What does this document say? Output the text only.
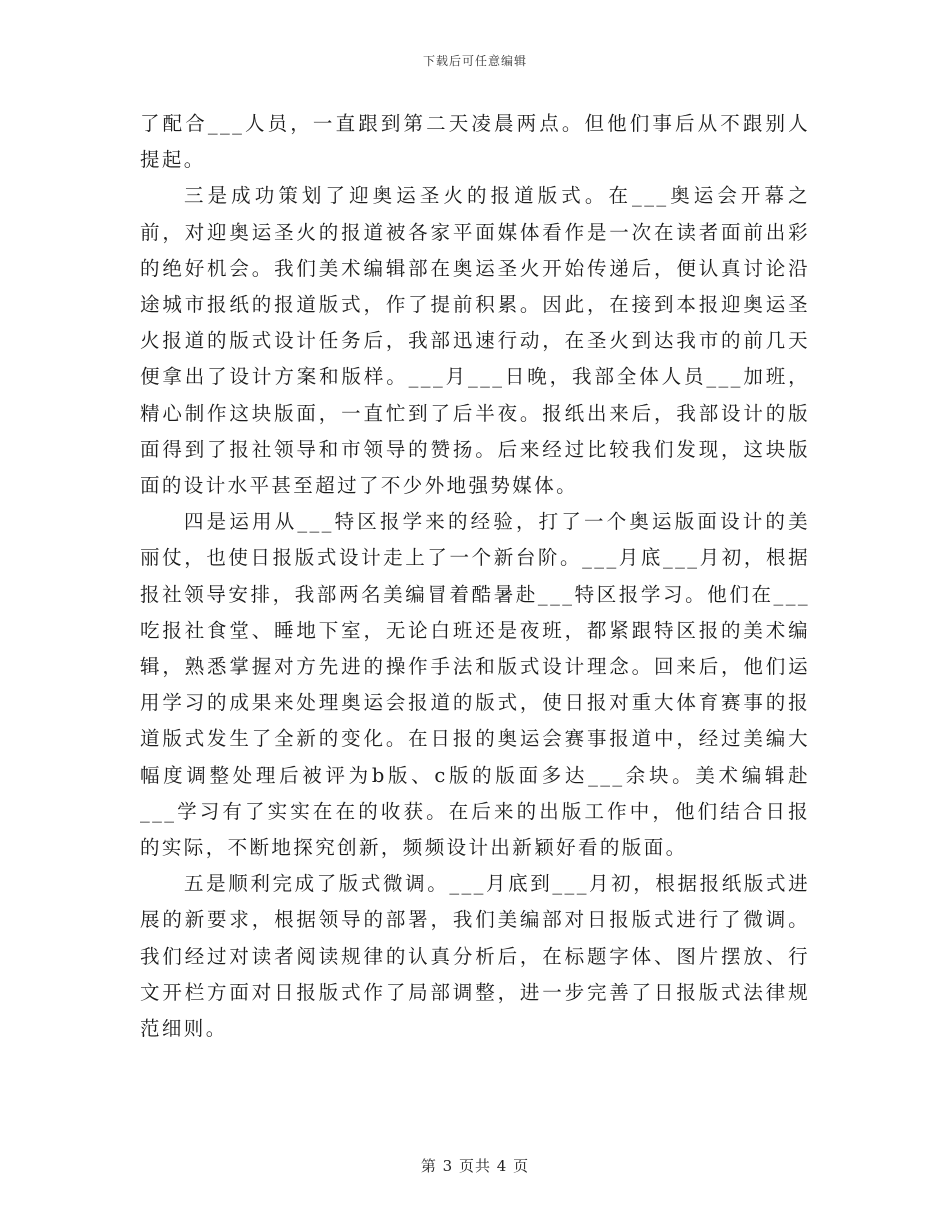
下载后可任意编辑

了配合___人员，一直跟到第二天凌晨两点。但他们事后从不跟别人提起。

三是成功策划了迎奥运圣火的报道版式。在___奥运会开幕之前，对迎奥运圣火的报道被各家平面媒体看作是一次在读者面前出彩的绝好机会。我们美术编辑部在奥运圣火开始传递后，便认真讨论沿途城市报纸的报道版式，作了提前积累。因此，在接到本报迎奥运圣火报道的版式设计任务后，我部迅速行动，在圣火到达我市的前几天便拿出了设计方案和版样。___月___日晚，我部全体人员___加班，精心制作这块版面，一直忙到了后半夜。报纸出来后，我部设计的版面得到了报社领导和市领导的赞扬。后来经过比较我们发现，这块版面的设计水平甚至超过了不少外地强势媒体。

四是运用从___特区报学来的经验，打了一个奥运版面设计的美丽仗，也使日报版式设计走上了一个新台阶。___月底___月初，根据报社领导安排，我部两名美编冒着酷暑赴___特区报学习。他们在___吃报社食堂、睡地下室，无论白班还是夜班，都紧跟特区报的美术编辑，熟悉掌握对方先进的操作手法和版式设计理念。回来后，他们运用学习的成果来处理奥运会报道的版式，使日报对重大体育赛事的报道版式发生了全新的变化。在日报的奥运会赛事报道中，经过美编大幅度调整处理后被评为b版、c版的版面多达___余块。美术编辑赴___学习有了实实在在的收获。在后来的出版工作中，他们结合日报的实际，不断地探究创新，频频设计出新颖好看的版面。

五是顺利完成了版式微调。___月底到___月初，根据报纸版式进展的新要求，根据领导的部署，我们美编部对日报版式进行了微调。我们经过对读者阅读规律的认真分析后，在标题字体、图片摆放、行文开栏方面对日报版式作了局部调整，进一步完善了日报版式法律规范细则。

第 3 页共 4 页
